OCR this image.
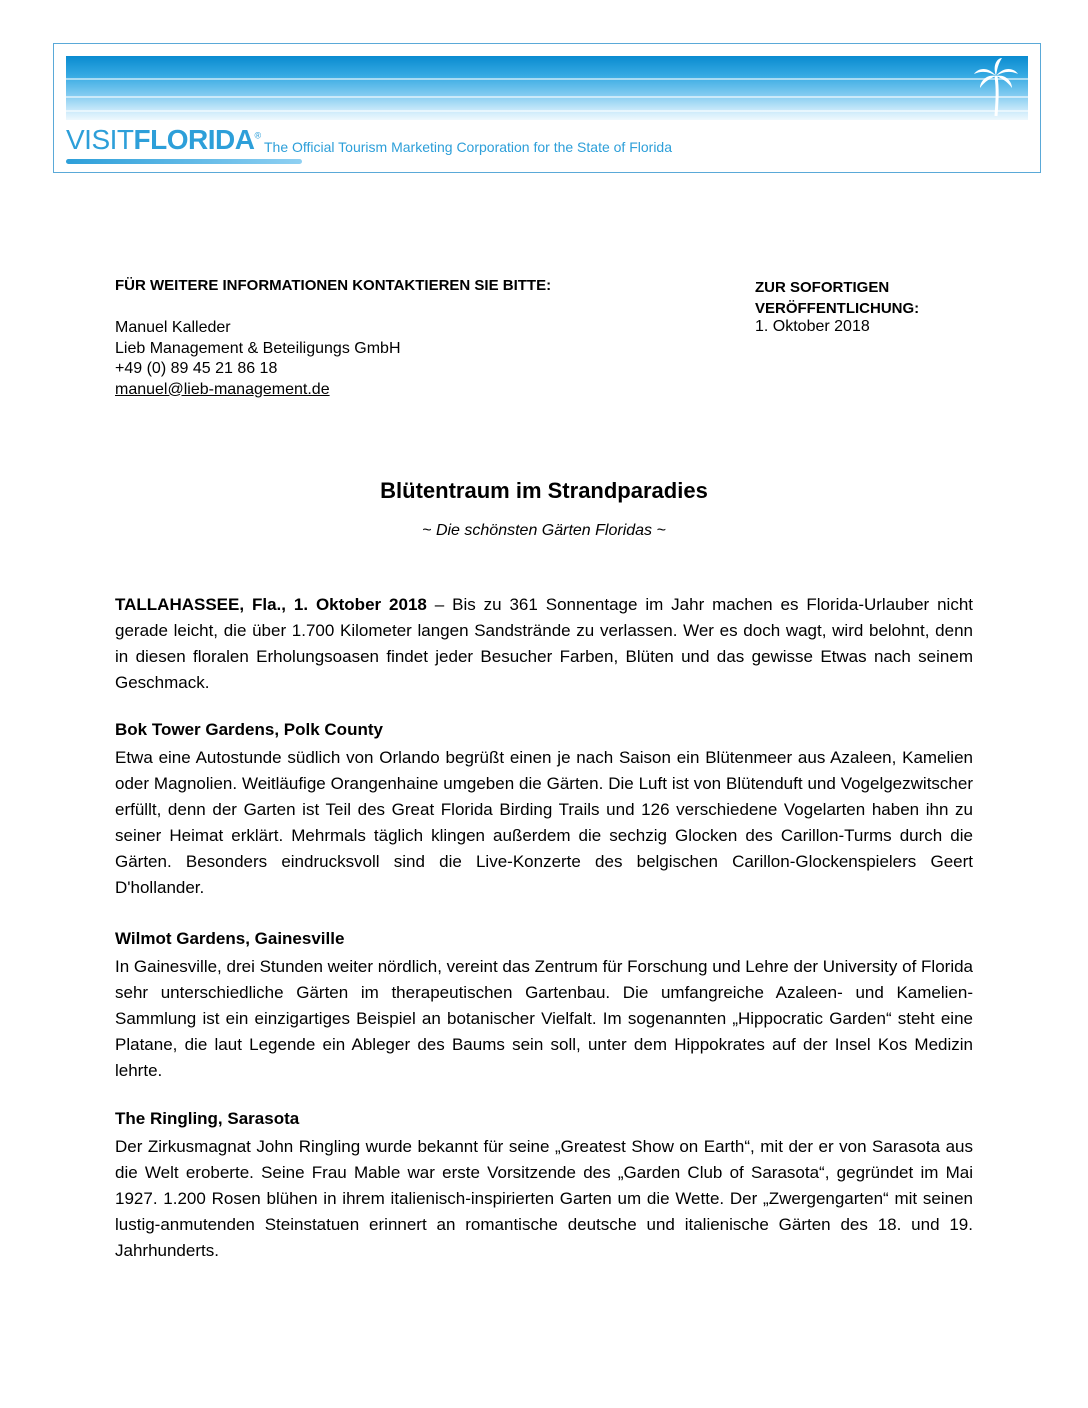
VISITFLORIDA®
The Official Tourism Marketing Corporation for the State of Florida
FÜR WEITERE INFORMATIONEN KONTAKTIEREN SIE BITTE:	ZUR SOFORTIGEN
VERÖFFENTLICHUNG:
1. Oktober 2018
Manuel Kalleder
Lieb Management & Beteiligungs GmbH
+49 (0) 89 45 21 86 18
manuel@lieb-management.de
Blütentraum im Strandparadies
~ Die schönsten Gärten Floridas ~

TALLAHASSEE, Fla., 1. Oktober 2018 – Bis zu 361 Sonnentage im Jahr machen es Florida-Urlauber nicht gerade leicht, die über 1.700 Kilometer langen Sandstrände zu verlassen. Wer es doch wagt, wird belohnt, denn in diesen floralen Erholungsoasen findet jeder Besucher Farben, Blüten und das gewisse Etwas nach seinem Geschmack.

Bok Tower Gardens, Polk County

Etwa eine Autostunde südlich von Orlando begrüßt einen je nach Saison ein Blütenmeer aus Azaleen, Kamelien oder Magnolien. Weitläufige Orangenhaine umgeben die Gärten. Die Luft ist von Blütenduft und Vogelgezwitscher erfüllt, denn der Garten ist Teil des Great Florida Birding Trails und 126 verschiedene Vogelarten haben ihn zu seiner Heimat erklärt. Mehrmals täglich klingen außerdem die sechzig Glocken des Carillon-Turms durch die Gärten. Besonders eindrucksvoll sind die Live-Konzerte des belgischen Carillon-Glockenspielers Geert D'hollander.

Wilmot Gardens, Gainesville

In Gainesville, drei Stunden weiter nördlich, vereint das Zentrum für Forschung und Lehre der University of Florida sehr unterschiedliche Gärten im therapeutischen Gartenbau. Die umfangreiche Azaleen- und Kamelien-Sammlung ist ein einzigartiges Beispiel an botanischer Vielfalt. Im sogenannten „Hippocratic Garden“ steht eine Platane, die laut Legende ein Ableger des Baums sein soll, unter dem Hippokrates auf der Insel Kos Medizin lehrte.

The Ringling, Sarasota

Der Zirkusmagnat John Ringling wurde bekannt für seine „Greatest Show on Earth“, mit der er von Sarasota aus die Welt eroberte. Seine Frau Mable war erste Vorsitzende des „Garden Club of Sarasota“, gegründet im Mai 1927. 1.200 Rosen blühen in ihrem italienisch-inspirierten Garten um die Wette. Der „Zwergengarten“ mit seinen lustig-anmutenden Steinstatuen erinnert an romantische deutsche und italienische Gärten des 18. und 19. Jahrhunderts.
